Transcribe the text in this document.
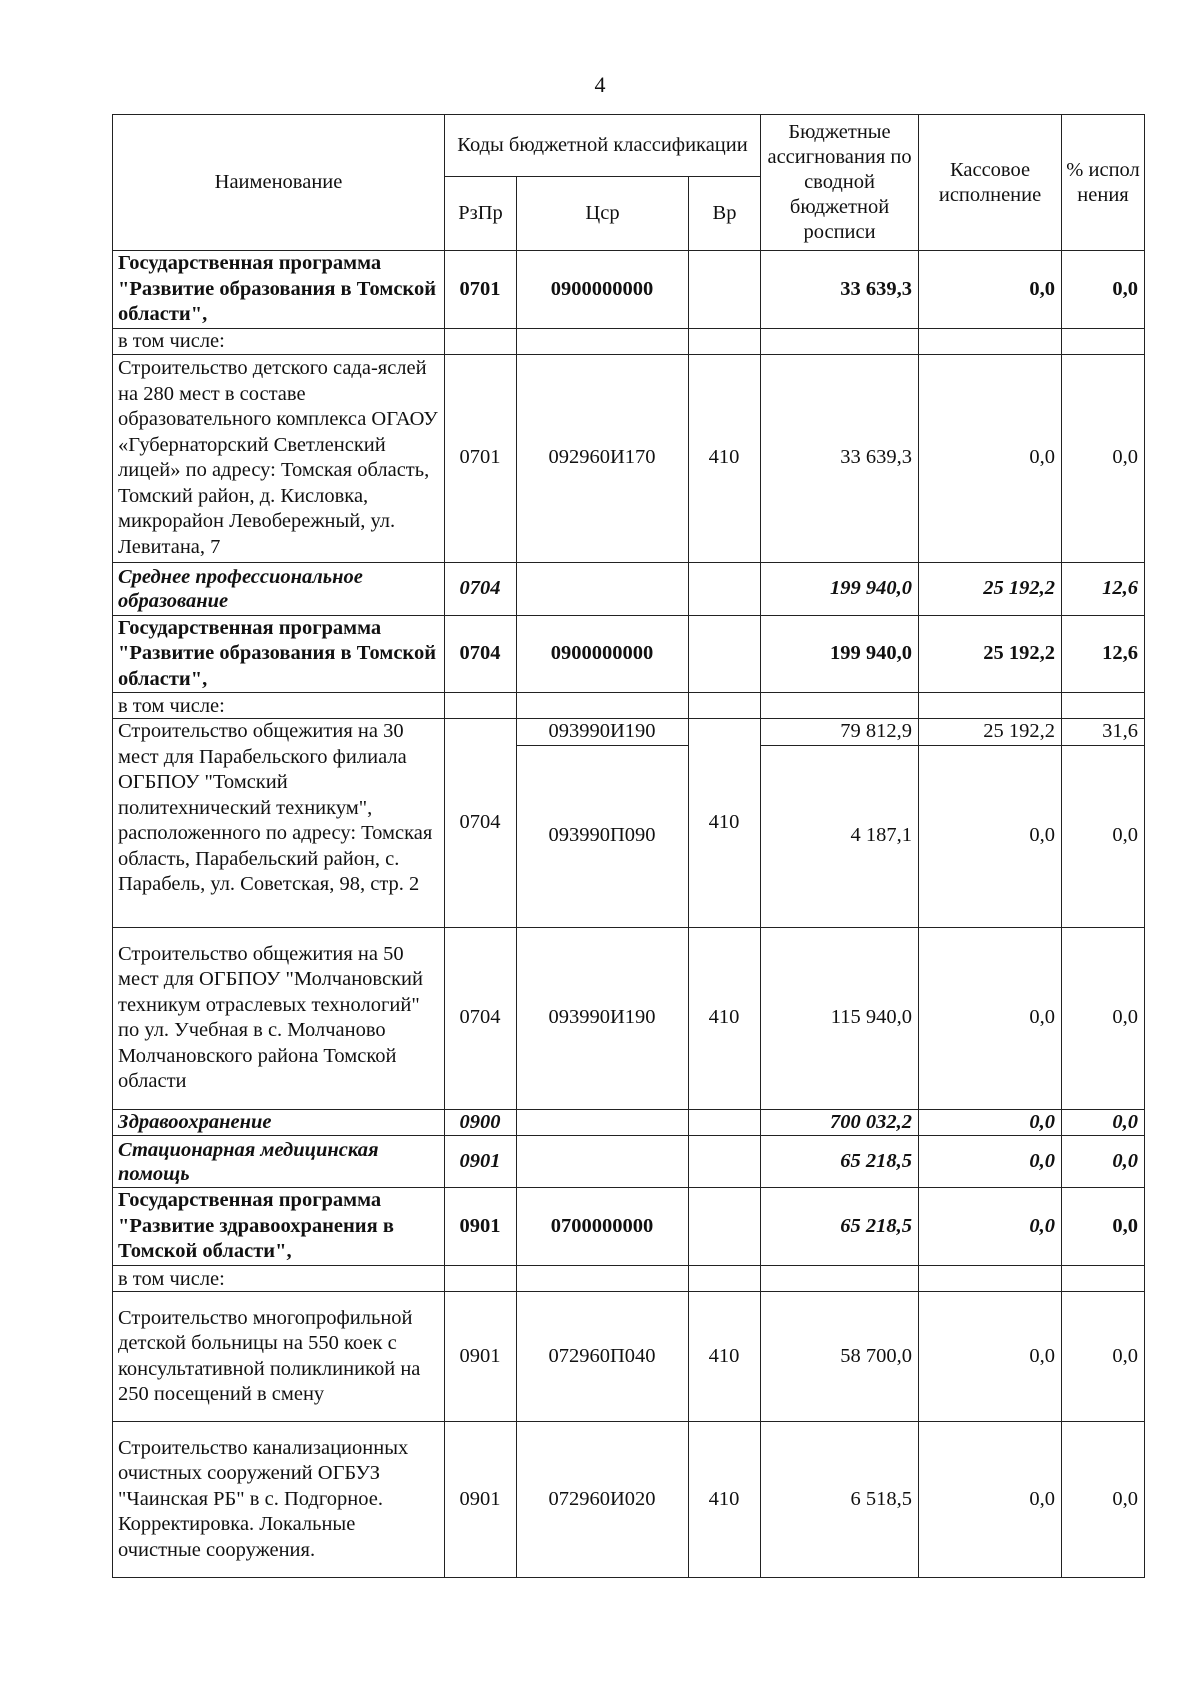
4
Наименование	Коды бюджетной классификации			Бюджетные ассигнования по сводной бюджетной росписи	Кассовое исполнение	% испол нения
	РзПр	Цср	Вр			
Государственная программа "Развитие образования в Томской области",	0701	0900000000		33 639,3	0,0	0,0
в том числе:						
Строительство детского сада-яслей на 280 мест в составе образовательного комплекса ОГАОУ «Губернаторский Светленский лицей» по адресу: Томская область, Томский район, д. Кисловка, микрорайон Левобережный, ул. Левитана, 7	0701	092960И170	410	33 639,3	0,0	0,0
Среднее профессиональное образование	0704			199 940,0	25 192,2	12,6
Государственная программа "Развитие образования в Томской области",	0704	0900000000		199 940,0	25 192,2	12,6
в том числе:						
Строительство общежития на 30 мест для Парабельского филиала ОГБПОУ "Томский политехнический техникум", расположенного по адресу: Томская область, Парабельский район, с. Парабель, ул. Советская, 98, стр. 2	0704	093990И190	410	79 812,9	25 192,2	31,6
		093990П090		4 187,1	0,0	0,0
Строительство общежития на 50 мест для ОГБПОУ "Молчановский техникум отраслевых технологий" по ул. Учебная в с. Молчаново Молчановского района Томской области	0704	093990И190	410	115 940,0	0,0	0,0
Здравоохранение	0900			700 032,2	0,0	0,0
Стационарная медицинская помощь	0901			65 218,5	0,0	0,0
Государственная программа "Развитие здравоохранения в Томской области",	0901	0700000000		65 218,5	0,0	0,0
в том числе:						
Строительство многопрофильной детской больницы на 550 коек с консультативной поликлиникой на 250 посещений в смену	0901	072960П040	410	58 700,0	0,0	0,0
Строительство канализационных очистных сооружений ОГБУЗ "Чаинская РБ" в с. Подгорное. Корректировка. Локальные очистные сооружения.	0901	072960И020	410	6 518,5	0,0	0,0
